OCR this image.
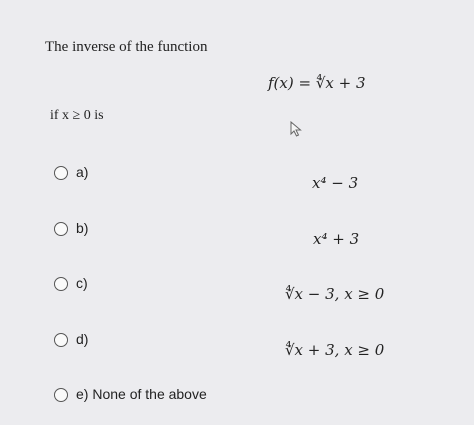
The inverse of the function
f(x) = ∜x + 3
if x ≥ 0 is
a)
x⁴ − 3
b)
x⁴ + 3
c)
∜x − 3, x ≥ 0
d)
∜x + 3, x ≥ 0
e) None of the above
